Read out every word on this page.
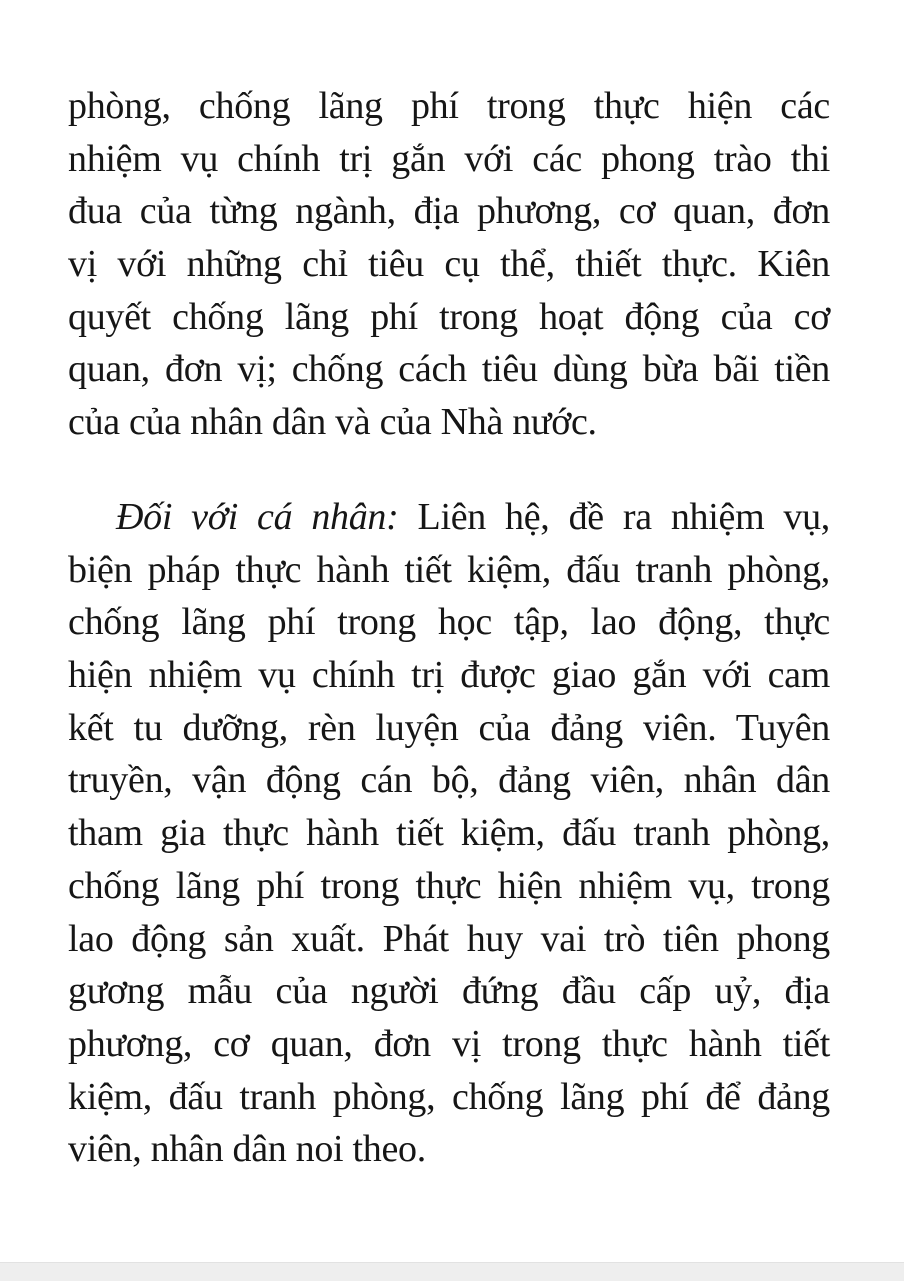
phòng, chống lãng phí trong thực hiện các
nhiệm vụ chính trị gắn với các phong trào thi
đua của từng ngành, địa phương, cơ quan, đơn
vị với những chỉ tiêu cụ thể, thiết thực. Kiên
quyết chống lãng phí trong hoạt động của cơ
quan, đơn vị; chống cách tiêu dùng bừa bãi tiền
của của nhân dân và của Nhà nước.
Đối với cá nhân: Liên hệ, đề ra nhiệm vụ,
biện pháp thực hành tiết kiệm, đấu tranh phòng,
chống lãng phí trong học tập, lao động, thực
hiện nhiệm vụ chính trị được giao gắn với cam
kết tu dưỡng, rèn luyện của đảng viên. Tuyên
truyền, vận động cán bộ, đảng viên, nhân dân
tham gia thực hành tiết kiệm, đấu tranh phòng,
chống lãng phí trong thực hiện nhiệm vụ, trong
lao động sản xuất. Phát huy vai trò tiên phong
gương mẫu của người đứng đầu cấp uỷ, địa
phương, cơ quan, đơn vị trong thực hành tiết
kiệm, đấu tranh phòng, chống lãng phí để đảng
viên, nhân dân noi theo.
